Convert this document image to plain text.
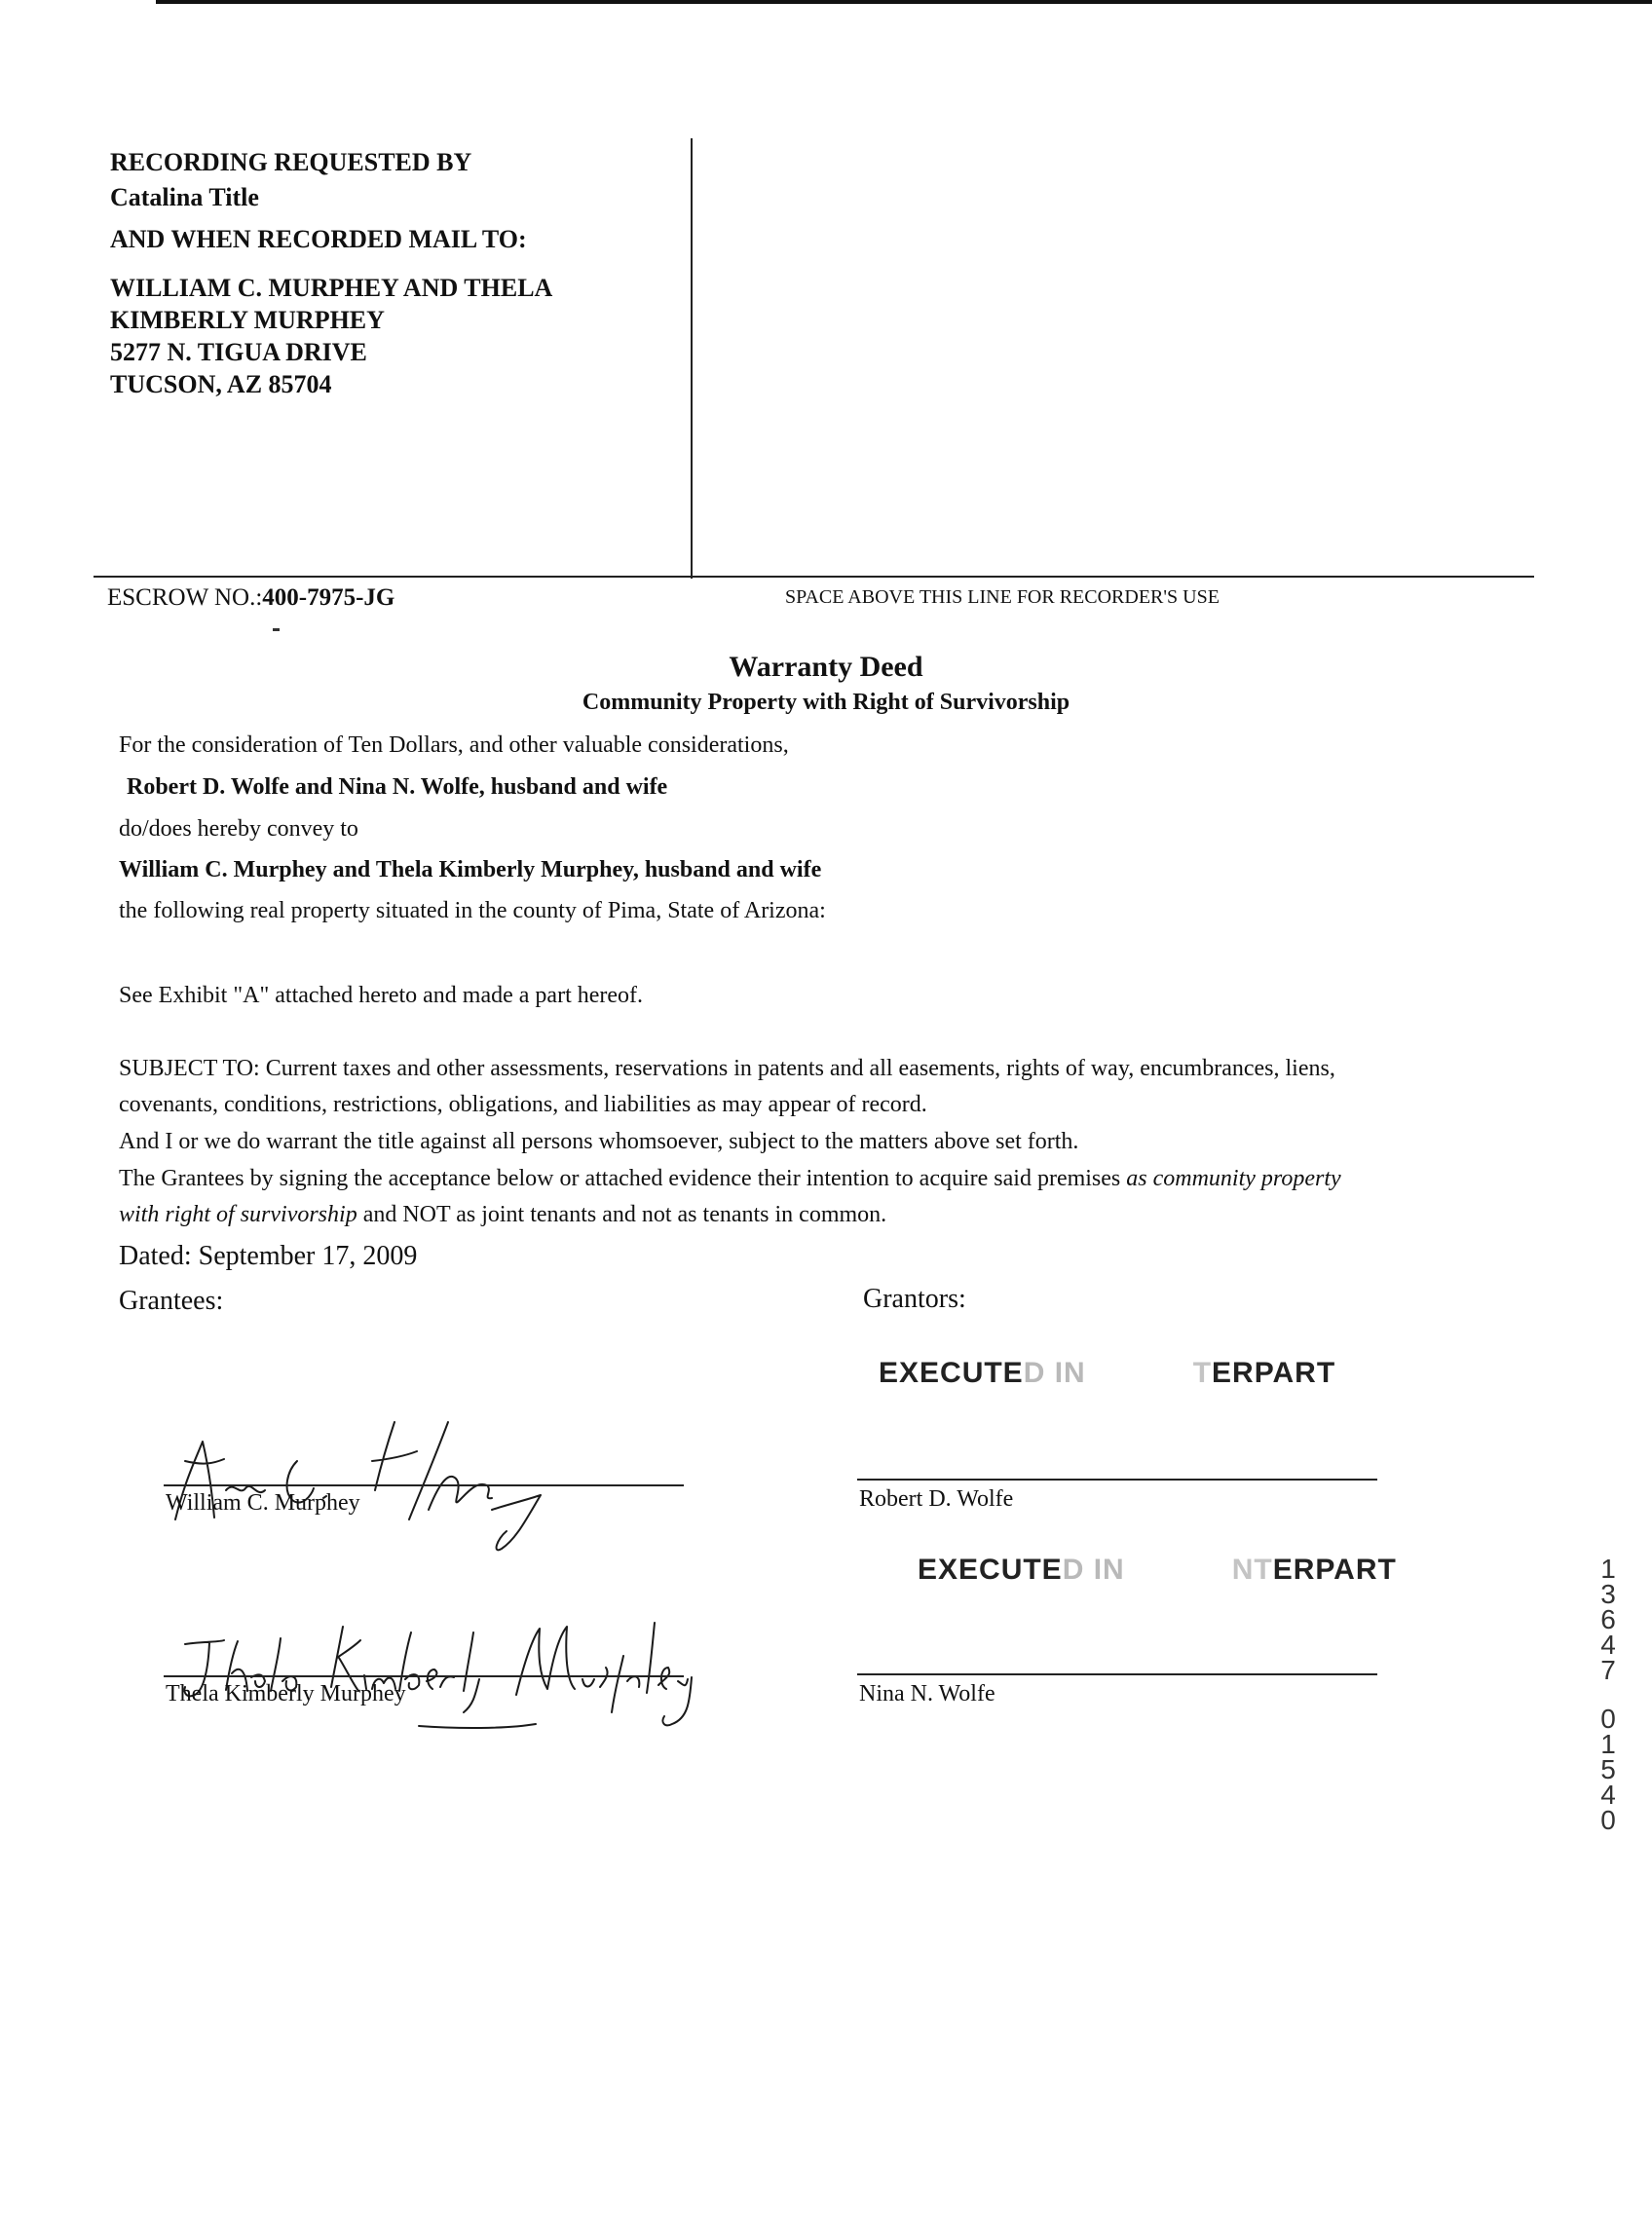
RECORDING REQUESTED BY
Catalina Title
AND WHEN RECORDED MAIL TO:
WILLIAM C. MURPHEY AND THELA
KIMBERLY MURPHEY
5277 N. TIGUA DRIVE
TUCSON, AZ 85704
ESCROW NO.:400-7975-JG	SPACE ABOVE THIS LINE FOR RECORDER'S USE
Warranty Deed
Community Property with Right of Survivorship
For the consideration of Ten Dollars, and other valuable considerations,
Robert D. Wolfe and Nina N. Wolfe, husband and wife
do/does hereby convey to
William C. Murphey and Thela Kimberly Murphey, husband and wife
the following real property situated in the county of Pima, State of Arizona:
See Exhibit "A" attached hereto and made a part hereof.
SUBJECT TO: Current taxes and other assessments, reservations in patents and all easements, rights of way, encumbrances, liens,
covenants, conditions, restrictions, obligations, and liabilities as may appear of record.
And I or we do warrant the title against all persons whomsoever, subject to the matters above set forth.
The Grantees by signing the acceptance below or attached evidence their intention to acquire said premises as community property
with right of survivorship and NOT as joint tenants and not as tenants in common.
Dated: September 17, 2009
Grantees:	Grantors:
William C. Murphey
Thela Kimberly Murphey
EXECUTED IN	TERPART
Robert D. Wolfe
EXECUTED IN	NTERPART
Nina N. Wolfe
1
3
6
4
7
0
1
5
4
0
